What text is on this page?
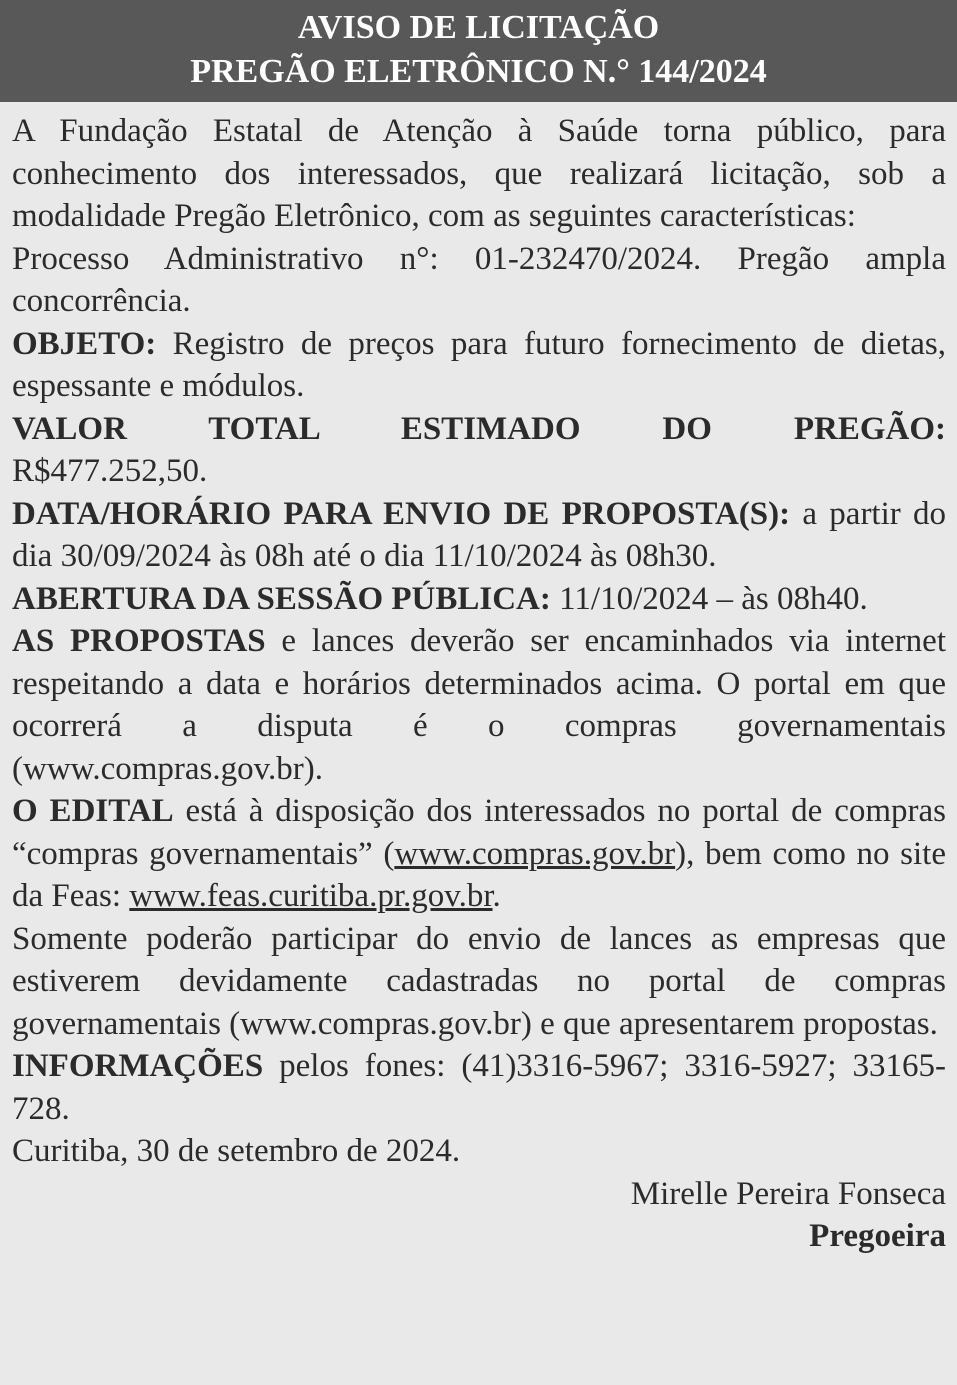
AVISO DE LICITAÇÃO
PREGÃO ELETRÔNICO N.° 144/2024

A Fundação Estatal de Atenção à Saúde torna público, para conhecimento dos interessados, que realizará licitação, sob a modalidade Pregão Eletrônico, com as seguintes características:

Processo Administrativo n°: 01-232470/2024. Pregão ampla concorrência.

OBJETO: Registro de preços para futuro fornecimento de dietas, espessante e módulos.

VALOR TOTAL ESTIMADO DO PREGÃO:
R$477.252,50.

DATA/HORÁRIO PARA ENVIO DE PROPOSTA(S): a partir do dia 30/09/2024 às 08h até o dia 11/10/2024 às 08h30.

ABERTURA DA SESSÃO PÚBLICA: 11/10/2024 – às 08h40.

AS PROPOSTAS e lances deverão ser encaminhados via internet respeitando a data e horários determinados acima. O portal em que ocorrerá a disputa é o compras governamentais (www.compras.gov.br).

O EDITAL está à disposição dos interessados no portal de compras “compras governamentais” (www.compras.gov.br), bem como no site da Feas: www.feas.curitiba.pr.gov.br.

Somente poderão participar do envio de lances as empresas que estiverem devidamente cadastradas no portal de compras governamentais (www.compras.gov.br) e que apresentarem propostas.

INFORMAÇÕES pelos fones: (41)3316-5967; 3316-5927; 33165-728.

Curitiba, 30 de setembro de 2024.

Mirelle Pereira Fonseca
Pregoeira
